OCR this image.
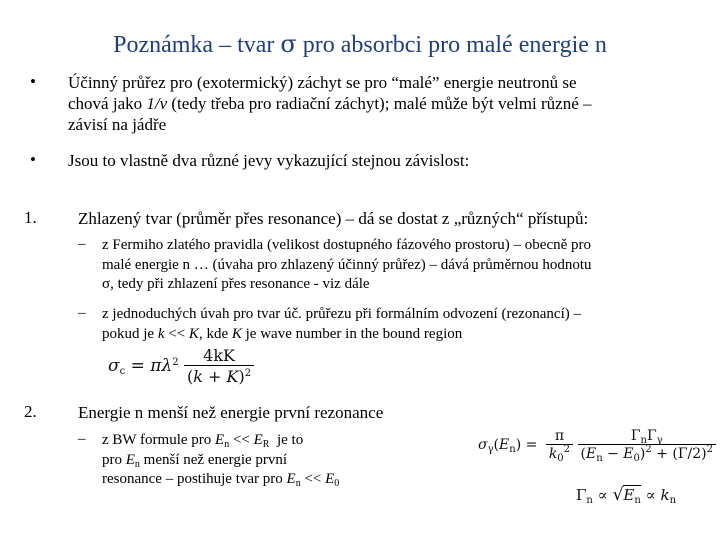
Poznámka – tvar σ pro absorbci pro malé energie n
• Účinný průřez pro (exotermický) záchyt se pro “malé” energie neutronů se
chová jako 1/v (tedy třeba pro radiační záchyt); malé může být velmi různé –
závisí na jádře
• Jsou to vlastně dva různé jevy vykazující stejnou závislost:
1. Zhlazený tvar (průměr přes resonance) – dá se dostat z „různých“ přístupů:
– z Fermiho zlatého pravidla (velikost dostupného fázového prostoru) – obecně pro
malé energie n … (úvaha pro zhlazený účinný průřez) – dává průměrnou hodnotu
σ, tedy při zhlazení přes resonance - viz dále
– z jednoduchých úvah pro tvar úč. průřezu při formálním odvození (rezonancí) –
pokud je k << K, kde K je wave number in the bound region
$\sigma_c = \pi\lambda^2 \frac{4kK}{(k + K)^2}$
2. Energie n menší než energie první rezonance
– z BW formule pro $E_n << E_R$  je to
pro $E_n$ menší než energie první
resonance – postihuje tvar pro $E_n << E_0$
$\sigma_\gamma(E_n) = \frac{\pi}{k_0^2}$
$\frac{\Gamma_n\Gamma_\gamma}{(E_n - E_0)^2 + (\Gamma/2)^2}$
$\Gamma_n \propto √E_n \propto k_n$
